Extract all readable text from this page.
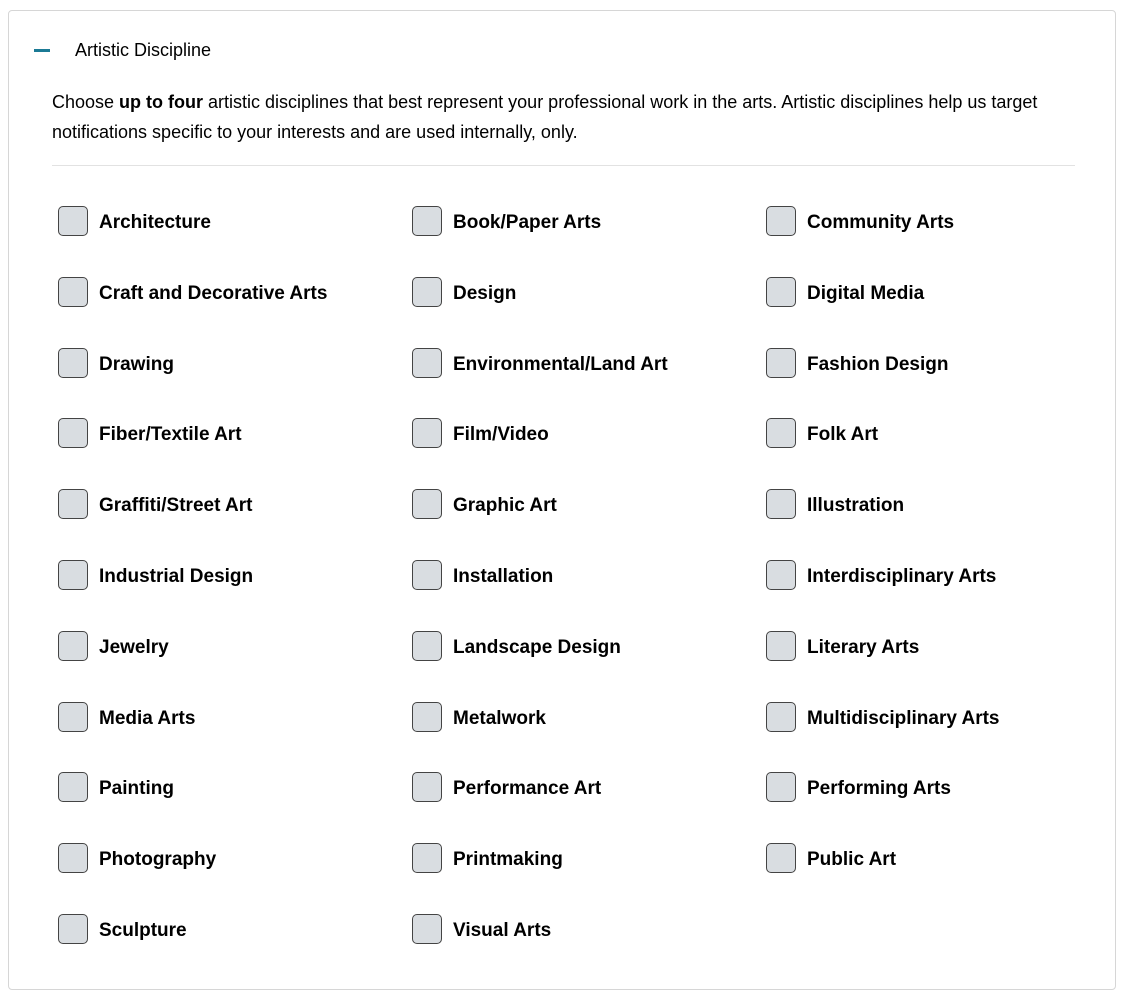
Artistic Discipline
Choose up to four artistic disciplines that best represent your professional work in the arts. Artistic disciplines help us target notifications specific to your interests and are used internally, only.
Architecture	Book/Paper Arts	Community Arts
Craft and Decorative Arts	Design	Digital Media
Drawing	Environmental/Land Art	Fashion Design
Fiber/Textile Art	Film/Video	Folk Art
Graffiti/Street Art	Graphic Art	Illustration
Industrial Design	Installation	Interdisciplinary Arts
Jewelry	Landscape Design	Literary Arts
Media Arts	Metalwork	Multidisciplinary Arts
Painting	Performance Art	Performing Arts
Photography	Printmaking	Public Art
Sculpture	Visual Arts
